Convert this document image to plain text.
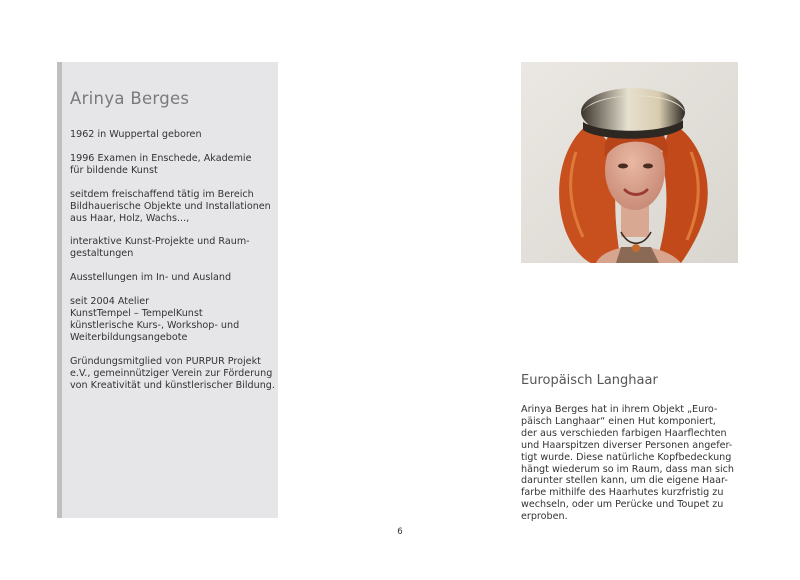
Arinya Berges

1962 in Wuppertal geboren

1996 Examen in Enschede, Akademie
für bildende Kunst

seitdem freischaffend tätig im Bereich
Bildhauerische Objekte und Installationen
aus Haar, Holz, Wachs...,

interaktive Kunst-Projekte und Raum-
gestaltungen

Ausstellungen im In- und Ausland

seit 2004 Atelier
KunstTempel – TempelKunst
künstlerische Kurs-, Workshop- und
Weiterbildungsangebote

Gründungsmitglied von PURPUR Projekt
e.V., gemeinnütziger Verein zur Förderung
von Kreativität und künstlerischer Bildung.	Europäisch Langhaar

Arinya Berges hat in ihrem Objekt „Euro-
päisch Langhaar“ einen Hut komponiert,
der aus verschieden farbigen Haarflechten
und Haarspitzen diverser Personen angefer-
tigt wurde. Diese natürliche Kopfbedeckung
hängt wiederum so im Raum, dass man sich
darunter stellen kann, um die eigene Haar-
farbe mithilfe des Haarhutes kurzfristig zu
wechseln, oder um Perücke und Toupet zu
erproben.

6
